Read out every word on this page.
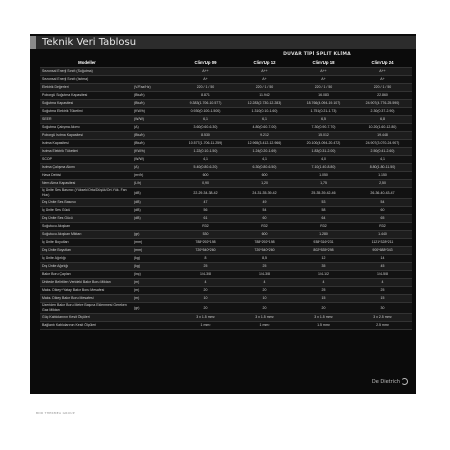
Teknik Veri Tablosu
DUVAR TİPİ SPLIT KLİMA
Modeller		Clim'Up 09	Clim'Up 12	Clim'Up 18	Clim'Up 24
Sezonsal Enerji Sınıfı (Soğutma)		A++	A++	A++	A++
Sezonsal Enerji Sınıfı (Isıtma)		A+	A+	A+	A+
Elektrik Değerleri	(V/Faz/Hz)	220 / 1 / 50	220 / 1 / 50	220 / 1 / 50	220 / 1 / 50
Poborgü Soğutma Kapasitesi	(Btu/h)	8.871	11.942	16.083	22.860
Soğutma Kapasitesi	(Btu/h)	9.383(1.706-10.577)	12.283(2.730-12.283)	18.766(4.094-19.107)	24.907(4.776-25.590)
Soğutma Elektrik Tüketimi	(KW/h)	0.930(0.100-1.500)	1.310(0.10-1.60)	1.751(0.21-1.73)	2.30(0.37-2.90)
SEER	(W/W)	6,1	6,1	6,5	6,8
Soğutma Çalışma Akımı	(A)	3.60(0.60-6.30)	4.80(0.60-7.00)	7.30(0.90-7.70)	10.20(1.60-12.80)
Poborgü Isıtma Kapasitesi	(Btu/h)	8.530	9.212	15.012	19.448
Isıtma Kapasitesi	(Btu/h)	10.577(1.706-11.259)	12.965(3.412-12.966)	20.100(4.094-20.472)	24.907(3.070-24.907)
Isıtma Elektrik Tüketimi	(KW/h)	1.22(0.10-1.50)	1.24(0.20-1.69)	1.83(0.31-2.00)	2.50(0.41-2.60)
SCOP	(W/W)	4,1	4,1	4,0	4,1
Isıtma Çalışma Akımı	(A)	5.40(0.80-6.20)	6.30(0.80-6.50)	7.10(1.40-8.80)	8.80(1.80-11.50)
Hava Debisi	(m³/h)	600	600	1.050	1.150
Nem Alma Kapasitesi	(L/h)	0,90	1,20	1,75	2,50
İç Ünite Ses Basıncı (Yüksek/Orta/Düşük/Ort.Yük. Fan Hızı)	(dB)	22-29-34-38-42	24-31-35-39-42	25-35-39-42-46	26-36-40-43-47
Dış Ünite Ses Basıncı	(dB)	47	49	53	54
İç Ünite Ses Gücü	(dB)	56	54	58	60
Dış Ünite Ses Gücü	(dB)	61	60	64	65
Soğutucu Akışkan		R32	R32	R32	R32
Soğutucu Akışkan Miktarı	(gr)	530	600	1.280	1.440
İç Ünite Boyutları	(mm)	788*292*198	788*292*198	938*316*231	1121*328*211
Dış Ünite Boyutları	(mm)	720*540*260	720*540*260	802*535*298	900*688*343
İç Ünite Ağırlığı	(kg)	8	8,5	12	14
Dış Ünite Ağırlığı	(kg)	25	25	35	45
Bakır Boru Çapları	(inç)	1/4-3/8	1/4-3/8	1/4-1/2	1/4-5/8
Ünitede Belirtilen Verideki Bakır Boru Miktarı	(m)	4	4	4	4
Maks. Dikey+Yatay Bakır Boru Mesafesi	(m)	20	20	25	25
Maks. Dikey Bakır Boru Mesafesi	(m)	10	10	15	15
Üzeriden Bakır Boru Metre Başına Eklenmesi Gereken Gaz Miktarı	(gr)	20	20	20	30
Güç Kablolarının Kesit Ölçüleri		3 x 1.5 mm²	3 x 1.5 mm²	3 x 1.5 mm²	3 x 2.5 mm²
Bağlantı Kablolarının Kesit Ölçüleri		1 mm²	1 mm²	1.5 mm²	2.5 mm²
De Dietrich
BDR THERMEA GROUP
